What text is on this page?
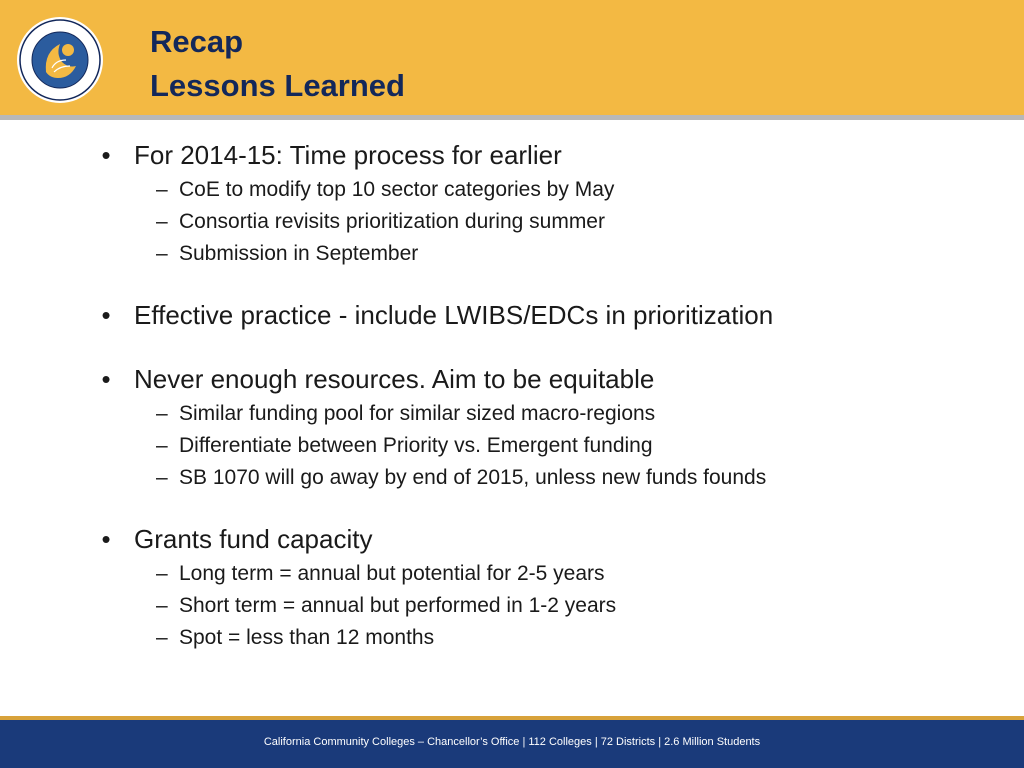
Recap
Lessons Learned
• For 2014-15: Time process for earlier
– CoE to modify top 10 sector categories by May
– Consortia revisits prioritization during summer
– Submission in September
• Effective practice - include LWIBS/EDCs in prioritization
• Never enough resources. Aim to be equitable
– Similar funding pool for similar sized macro-regions
– Differentiate between Priority vs. Emergent funding
– SB 1070 will go away by end of 2015, unless new funds founds
• Grants fund capacity
– Long term = annual but potential for 2-5 years
– Short term = annual but performed in 1-2 years
– Spot = less than 12 months
California Community Colleges – Chancellor’s Office | 112 Colleges | 72 Districts | 2.6 Million Students
